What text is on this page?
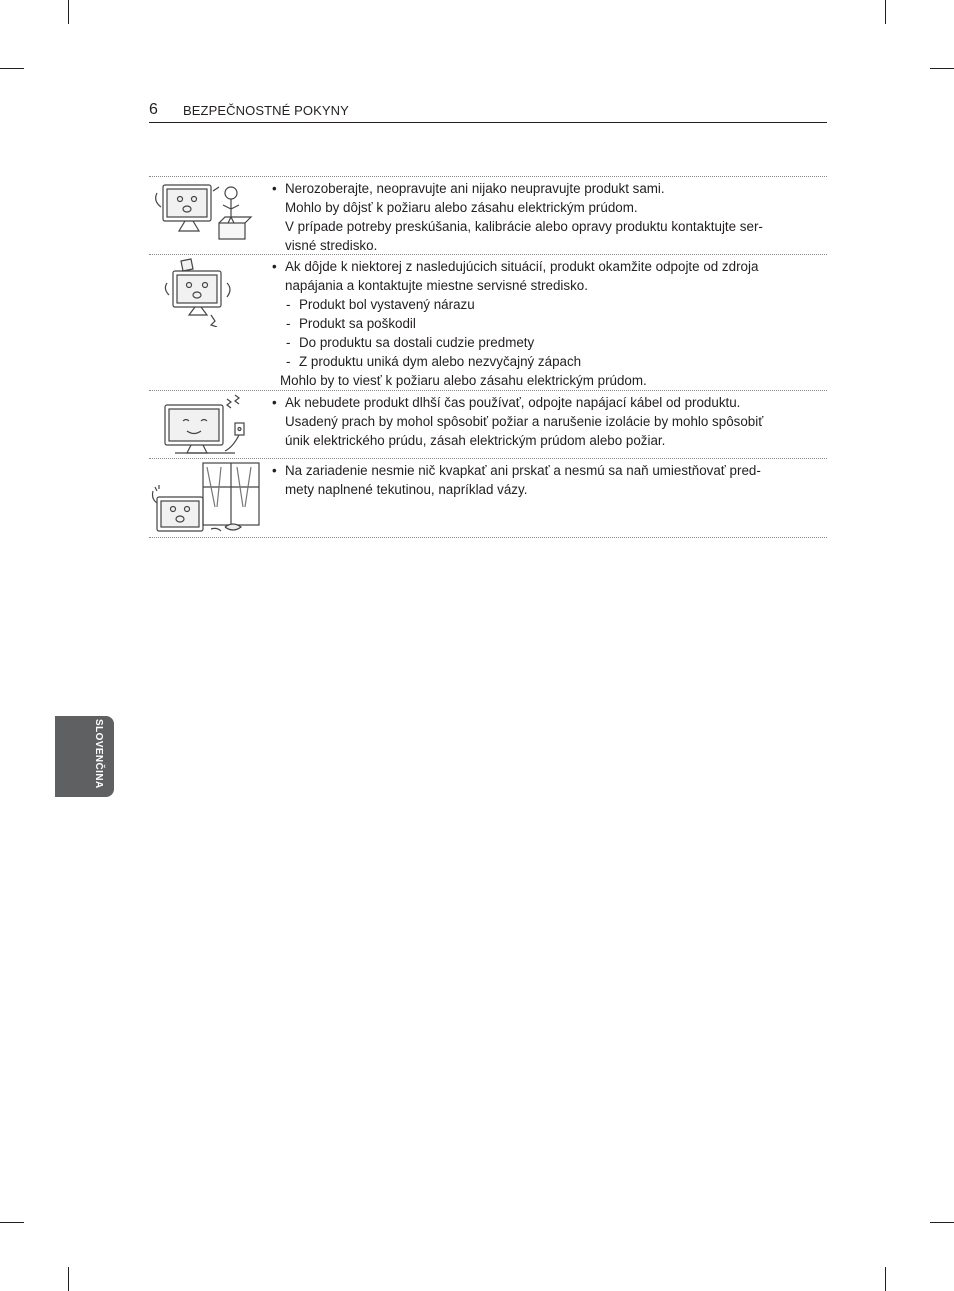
6 BEZPEČNOSTNÉ POKYNY
• Nerozoberajte, neopravujte ani nijako neupravujte produkt sami.
Mohlo by dôjsť k požiaru alebo zásahu elektrickým prúdom.
V prípade potreby preskúšania, kalibrácie alebo opravy produktu kontaktujte ser-
visné stredisko.
• Ak dôjde k niektorej z nasledujúcich situácií, produkt okamžite odpojte od zdroja
napájania a kontaktujte miestne servisné stredisko.
- Produkt bol vystavený nárazu
- Produkt sa poškodil
- Do produktu sa dostali cudzie predmety
- Z produktu uniká dym alebo nezvyčajný zápach
Mohlo by to viesť k požiaru alebo zásahu elektrickým prúdom.
• Ak nebudete produkt dlhší čas používať, odpojte napájací kábel od produktu.
Usadený prach by mohol spôsobiť požiar a narušenie izolácie by mohlo spôsobiť
únik elektrického prúdu, zásah elektrickým prúdom alebo požiar.
• Na zariadenie nesmie nič kvapkať ani prskať a nesmú sa naň umiestňovať pred-
mety naplnené tekutinou, napríklad vázy.
SLOVENČINA
